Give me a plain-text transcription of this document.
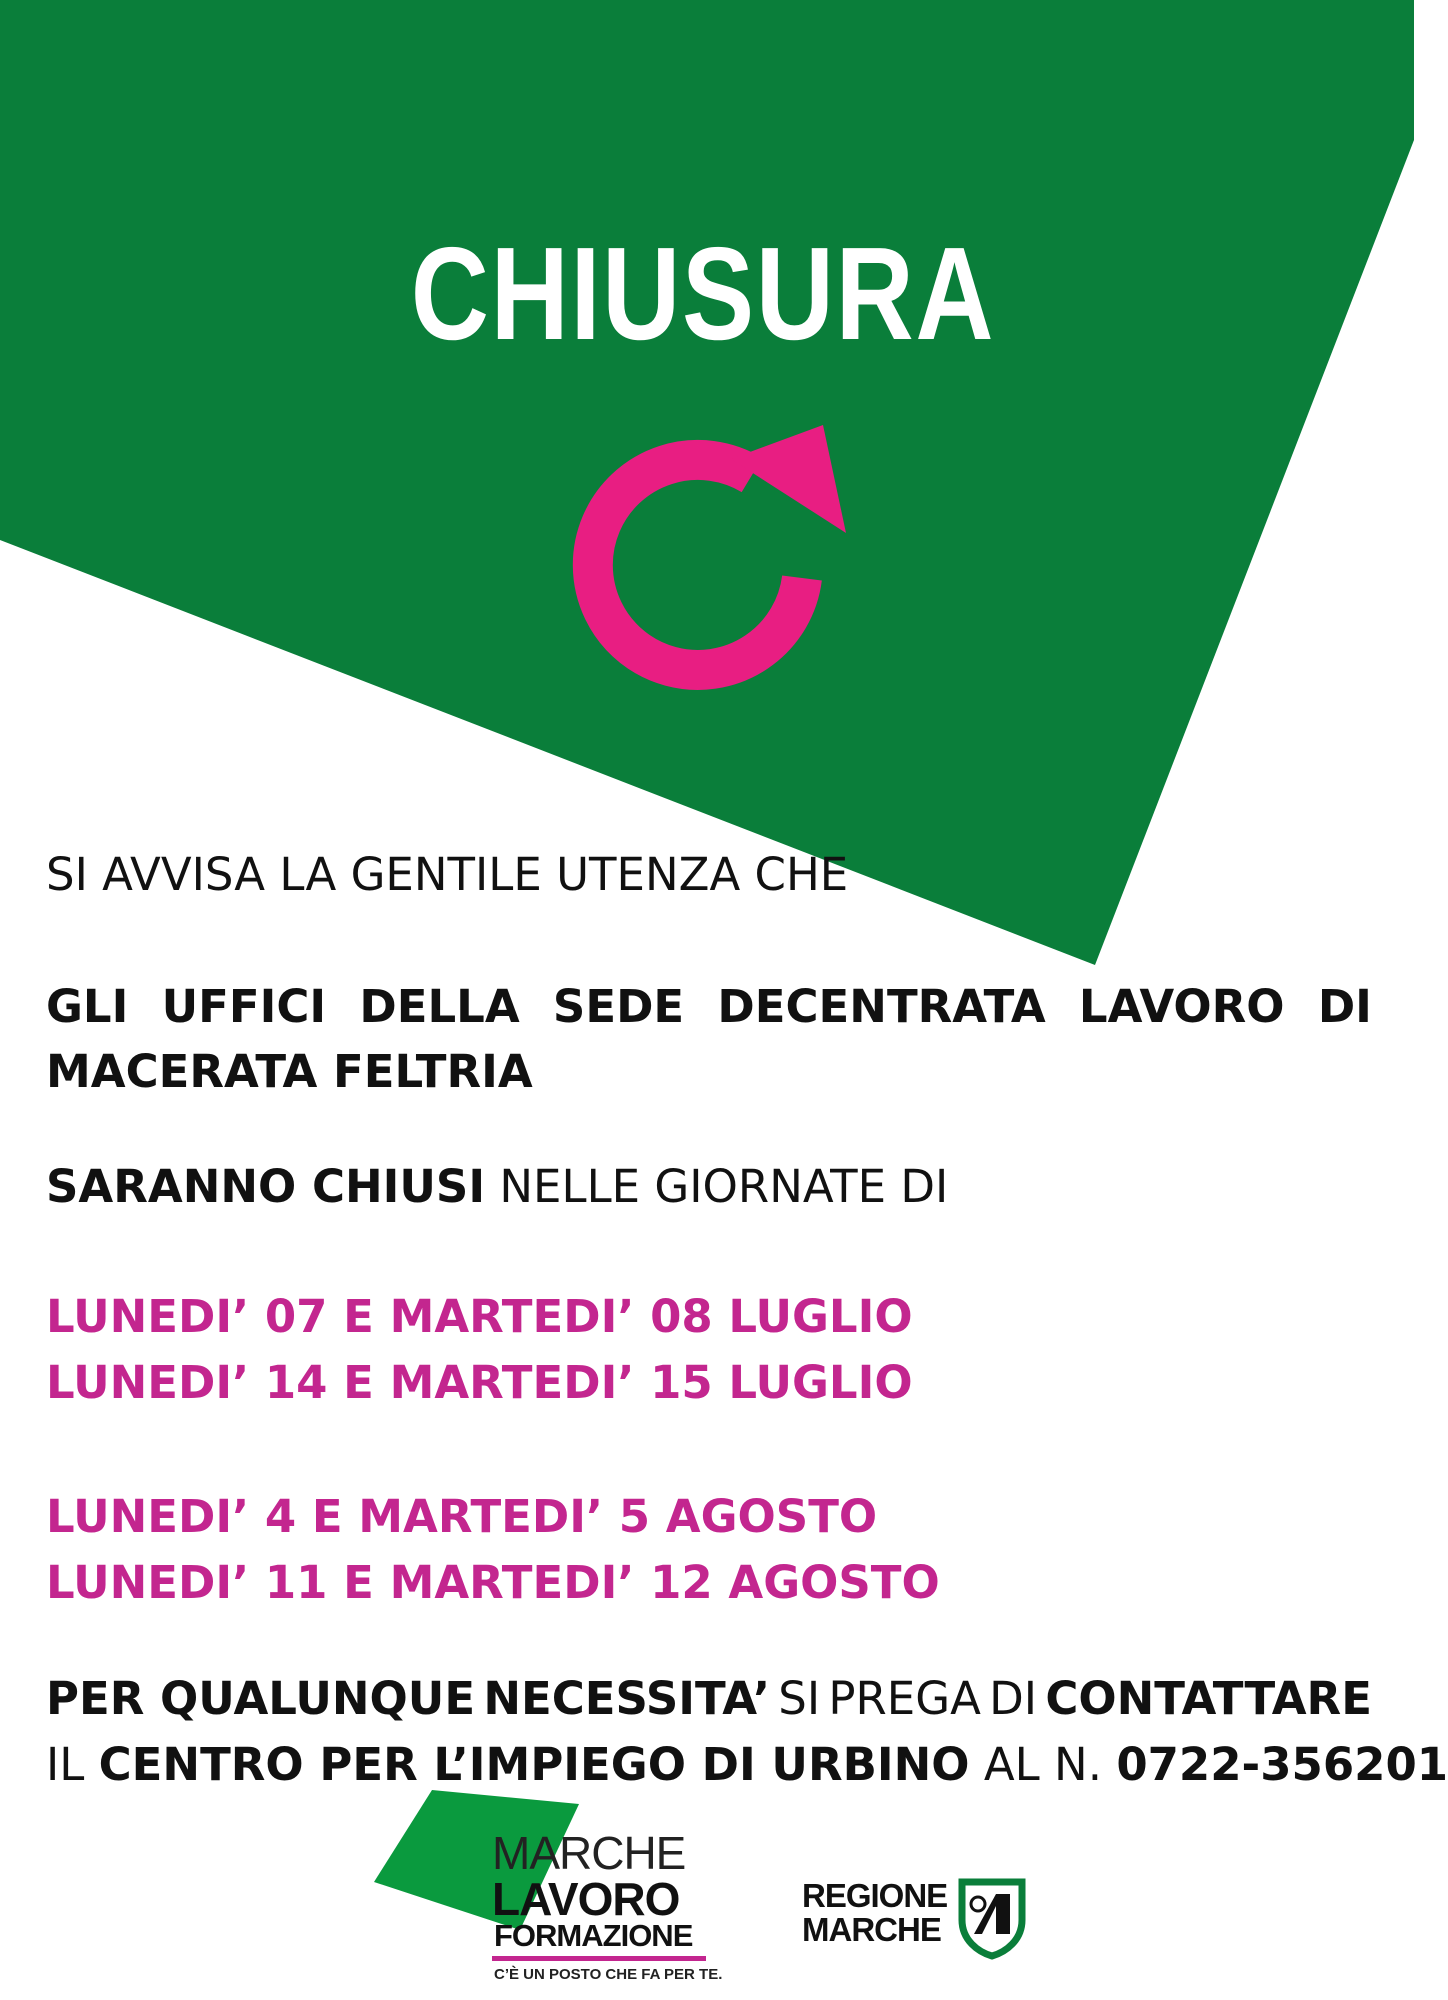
CHIUSURA
SI AVVISA LA GENTILE UTENZA CHE
GLI UFFICI DELLA SEDE DECENTRATA LAVORO DI
MACERATA FELTRIA
SARANNO CHIUSI NELLE GIORNATE DI
LUNEDI’ 07 E MARTEDI’ 08 LUGLIO
LUNEDI’ 14 E MARTEDI’ 15 LUGLIO
LUNEDI’ 4 E MARTEDI’ 5 AGOSTO
LUNEDI’ 11 E MARTEDI’ 12 AGOSTO
PER QUALUNQUE NECESSITA’ SI PREGA DI CONTATTARE
IL CENTRO PER L’IMPIEGO DI URBINO AL N. 0722-356201
MARCHE
LAVORO
FORMAZIONE
C’È UN POSTO CHE FA PER TE.
REGIONE
MARCHE
